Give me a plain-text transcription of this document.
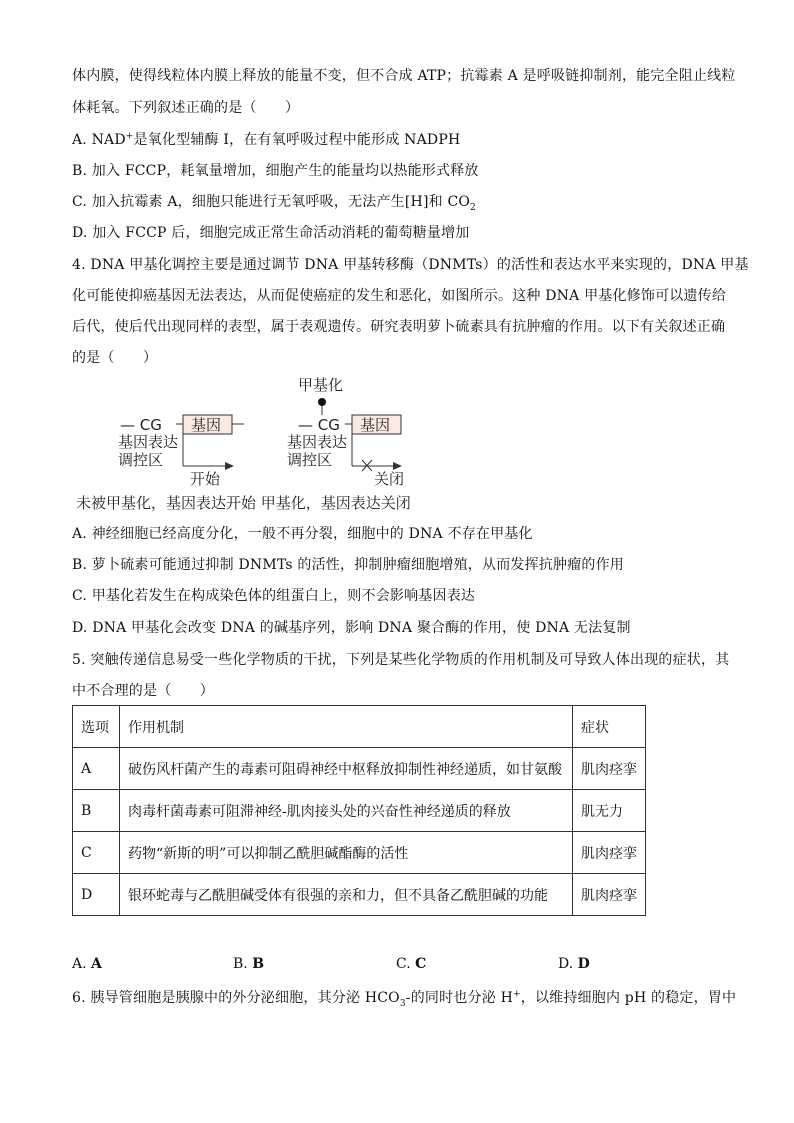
体内膜，使得线粒体内膜上释放的能量不变，但不合成 ATP；抗霉素 A 是呼吸链抑制剂，能完全阻止线粒
体耗氧。下列叙述正确的是（　　）
A. NAD+是氧化型辅酶 I，在有氧呼吸过程中能形成 NADPH
B. 加入 FCCP，耗氧量增加，细胞产生的能量均以热能形式释放
C. 加入抗霉素 A，细胞只能进行无氧呼吸，无法产生[H]和 $CO_2$
D. 加入 FCCP 后，细胞完成正常生命活动消耗的葡萄糖量增加
4. DNA 甲基化调控主要是通过调节 DNA 甲基转移酶（DNMTs）的活性和表达水平来实现的，DNA 甲基
化可能使抑癌基因无法表达，从而促使癌症的发生和恶化，如图所示。这种 DNA 甲基化修饰可以遗传给
后代，使后代出现同样的表型，属于表观遗传。研究表明萝卜硫素具有抗肿瘤的作用。以下有关叙述正确
的是（　　）
甲基化
— CG	— CG
基因	基因
基因表达
调控区
基因表达
调控区
开始	关闭
未被甲基化，基因表达开始 甲基化，基因表达关闭
A. 神经细胞已经高度分化，一般不再分裂，细胞中的 DNA 不存在甲基化
B. 萝卜硫素可能通过抑制 DNMTs 的活性，抑制肿瘤细胞增殖，从而发挥抗肿瘤的作用
C. 甲基化若发生在构成染色体的组蛋白上，则不会影响基因表达
D. DNA 甲基化会改变 DNA 的碱基序列，影响 DNA 聚合酶的作用，使 DNA 无法复制
5. 突触传递信息易受一些化学物质的干扰，下列是某些化学物质的作用机制及可导致人体出现的症状，其
中不合理的是（　　）
选项	作用机制	症状
A	破伤风杆菌产生的毒素可阻碍神经中枢释放抑制性神经递质，如甘氨酸	肌肉痉挛
B	肉毒杆菌毒素可阻滞神经-肌肉接头处的兴奋性神经递质的释放	肌无力
C	药物“新斯的明”可以抑制乙酰胆碱酯酶的活性	肌肉痉挛
D	银环蛇毒与乙酰胆碱受体有很强的亲和力，但不具备乙酰胆碱的功能	肌肉痉挛
A. A	B. B	C. C	D. D
6. 胰导管细胞是胰腺中的外分泌细胞，其分泌 $HCO_3-$的同时也分泌 H+，以维持细胞内 pH 的稳定，胃中
